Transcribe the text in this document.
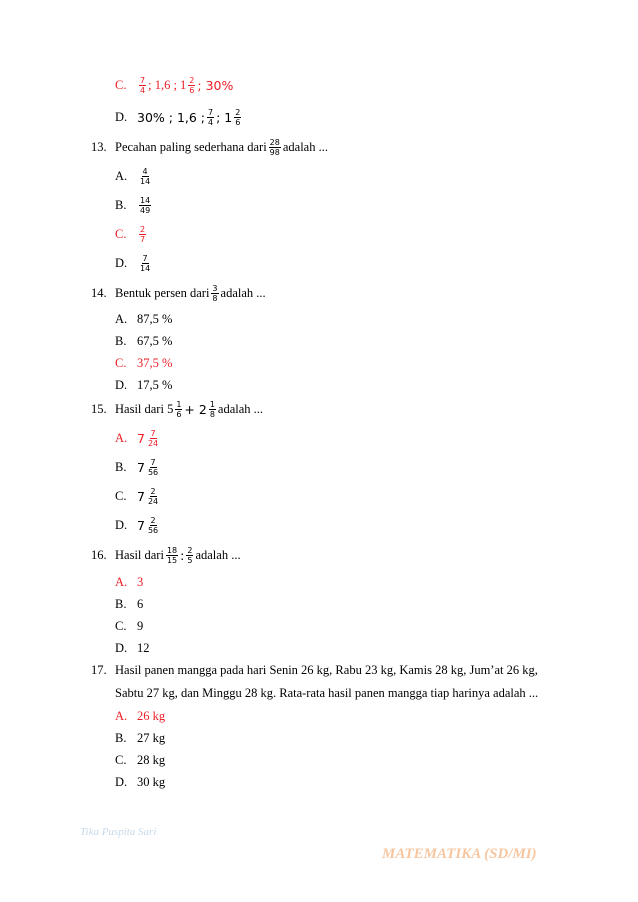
C.	$\frac{7}{4}$ ; 1,6 ; $1 \frac{2}{6}$ ; 30%
D. 30% ; 1,6 ; $\frac{7}{4}$ ; $1 \frac{2}{6}$
13. Pecahan paling sederhana dari $\frac{28}{98}$ adalah ...
A.	$\frac{4}{14}$
B.	$\frac{14}{49}$
C.	$\frac{2}{7}$
D.	$\frac{7}{14}$
14. Bentuk persen dari $\frac{3}{8}$ adalah ...
A. 87,5 %
B. 67,5 %
C. 37,5 %
D. 17,5 %
15. Hasil dari $5 \frac{1}{6} + 2 \frac{1}{8}$ adalah ...
A. $7 \frac{7}{24}$
B. $7 \frac{7}{56}$
C. $7 \frac{2}{24}$
D. $7 \frac{2}{56}$
16. Hasil dari $\frac{18}{15}$ : $\frac{2}{5}$ adalah ...
A. 3
B. 6
C. 9
D. 12
17. Hasil panen mangga pada hari Senin 26 kg, Rabu 23 kg, Kamis 28 kg, Jum’at 26 kg,
Sabtu 27 kg, dan Minggu 28 kg. Rata-rata hasil panen mangga tiap harinya adalah ...
A. 26 kg
B. 27 kg
C. 28 kg
D. 30 kg
Tika Puspita Sari
MATEMATIKA (SD/MI)
